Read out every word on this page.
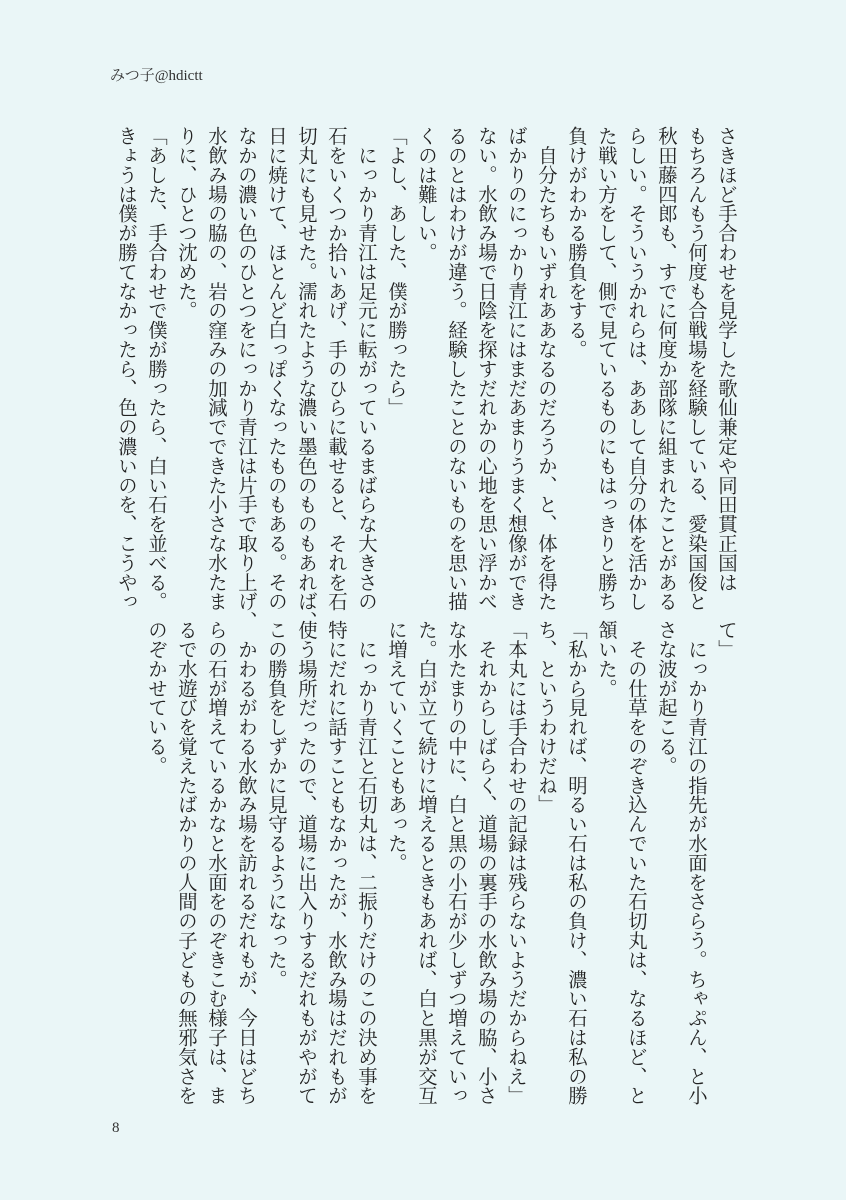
みつ子@hdictt
さきほど手合わせを見学した歌仙兼定や同田貫正国は
もちろんもう何度も合戦場を経験している、愛染国俊と
秋田藤四郎も、すでに何度か部隊に組まれたことがある
らしい。そういうかれらは、ああして自分の体を活かし
た戦い方をして、側で見ているものにもはっきりと勝ち
負けがわかる勝負をする。
　自分たちもいずれああなるのだろうか、と、体を得た
ばかりのにっかり青江にはまだあまりうまく想像ができ
ない。水飲み場で日陰を探すだれかの心地を思い浮かべ
るのとはわけが違う。経験したことのないものを思い描
くのは難しい。
「よし、あした、僕が勝ったら」
　にっかり青江は足元に転がっているまばらな大きさの
石をいくつか拾いあげ、手のひらに載せると、それを石
切丸にも見せた。濡れたような濃い墨色のものもあれば、
日に焼けて、ほとんど白っぽくなったものもある。その
なかの濃い色のひとつをにっかり青江は片手で取り上げ、
水飲み場の脇の、岩の窪みの加減でできた小さな水たま
りに、ひとつ沈めた。
「あした、手合わせで僕が勝ったら、白い石を並べる。
きょうは僕が勝てなかったら、色の濃いのを、こうやっ
て」
　にっかり青江の指先が水面をさらう。ちゃぷん、と小
さな波が起こる。
　その仕草をのぞき込んでいた石切丸は、なるほど、と
頷いた。
「私から見れば、明るい石は私の負け、濃い石は私の勝
ち、というわけだね」
「本丸には手合わせの記録は残らないようだからねえ」
　それからしばらく、道場の裏手の水飲み場の脇、小さ
な水たまりの中に、白と黒の小石が少しずつ増えていっ
た。白が立て続けに増えるときもあれば、白と黒が交互
に増えていくこともあった。
　にっかり青江と石切丸は、二振りだけのこの決め事を
特にだれに話すこともなかったが、水飲み場はだれもが
使う場所だったので、道場に出入りするだれもがやがて
この勝負をしずかに見守るようになった。
　かわるがわる水飲み場を訪れるだれもが、今日はどち
らの石が増えているかなと水面をのぞきこむ様子は、ま
るで水遊びを覚えたばかりの人間の子どもの無邪気さを
のぞかせている。
8
